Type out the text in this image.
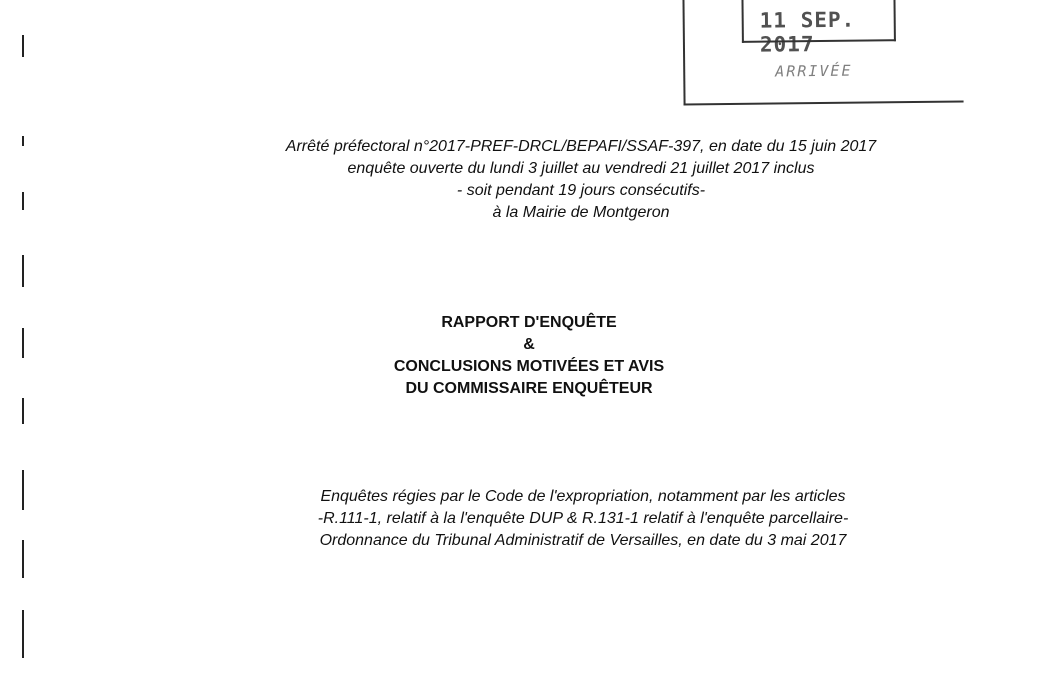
11 SEP. 2017
ARRIVÉE
Arrêté préfectoral n°2017-PREF-DRCL/BEPAFI/SSAF-397, en date du 15 juin 2017
enquête ouverte du lundi 3 juillet au vendredi 21 juillet 2017 inclus
- soit pendant 19 jours consécutifs-
à la Mairie de Montgeron
RAPPORT D'ENQUÊTE
&
CONCLUSIONS MOTIVÉES ET AVIS
DU COMMISSAIRE ENQUÊTEUR
Enquêtes régies par le Code de l'expropriation, notamment par les articles
-R.111-1, relatif à la l'enquête DUP & R.131-1 relatif à l'enquête parcellaire-
Ordonnance du Tribunal Administratif de Versailles, en date du 3 mai 2017
